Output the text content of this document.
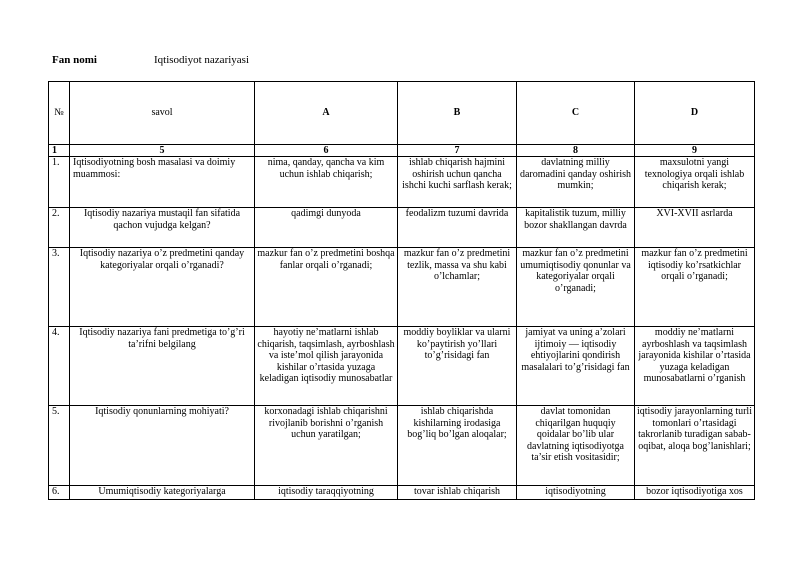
Fan nomi	Iqtisodiyot nazariyasi
№	savol	A	B	C	D
1	5	6	7	8	9
1.	Iqtisodiyotning bosh masalasi va doimiy muammosi:	nima, qanday, qancha va kim uchun ishlab chiqarish;	ishlab chiqarish hajmini oshirish uchun qancha ishchi kuchi sarflash kerak;	davlatning milliy daromadini qanday oshirish mumkin;	maxsulotni yangi texnologiya orqali ishlab chiqarish kerak;
2.	Iqtisodiy nazariya mustaqil fan sifatida qachon vujudga kelgan?	qadimgi dunyoda	feodalizm tuzumi davrida	kapitalistik tuzum, milliy bozor shakllangan davrda	XVI-XVII asrlarda
3.	Iqtisodiy nazariya o’z predmetini qanday kategoriyalar orqali o’rganadi?	mazkur fan o’z predmetini boshqa fanlar orqali o’rganadi;	mazkur fan o’z predmetini tezlik, massa va shu kabi o’lchamlar;	mazkur fan o’z predmetini umumiqtisodiy qonunlar va kategoriyalar orqali o’rganadi;	mazkur fan o’z predmetini iqtisodiy ko’rsatkichlar orqali o’rganadi;
4.	Iqtisodiy nazariya fani predmetiga to’g’ri ta’rifni belgilang	hayotiy ne’matlarni ishlab chiqarish, taqsimlash, ayrboshlash va iste’mol qilish jarayonida kishilar o’rtasida yuzaga keladigan iqtisodiy munosabatlar	moddiy boyliklar va ularni ko’paytirish yo’llari to’g’risidagi fan	jamiyat va uning a’zolari ijtimoiy — iqtisodiy ehtiyojlarini qondirish masalalari to’g’risidagi fan	moddiy ne’matlarni ayrboshlash va taqsimlash jarayonida kishilar o’rtasida yuzaga keladigan munosabatlarni o’rganish
5.	Iqtisodiy qonunlarning mohiyati?	korxonadagi ishlab chiqarishni rivojlanib borishni o’rganish uchun yaratilgan;	ishlab chiqarishda kishilarning irodasiga bog’liq bo’lgan aloqalar;	davlat tomonidan chiqarilgan huquqiy qoidalar bo’lib ular davlatning iqtisodiyotga ta’sir etish vositasidir;	iqtisodiy jarayonlarning turli tomonlari o’rtasidagi takrorlanib turadigan sabab-oqibat, aloqa bog’lanishlari;
6.	Umumiqtisodiy kategoriyalarga	iqtisodiy taraqqiyotning	tovar ishlab chiqarish	iqtisodiyotning	bozor iqtisodiyotiga xos
